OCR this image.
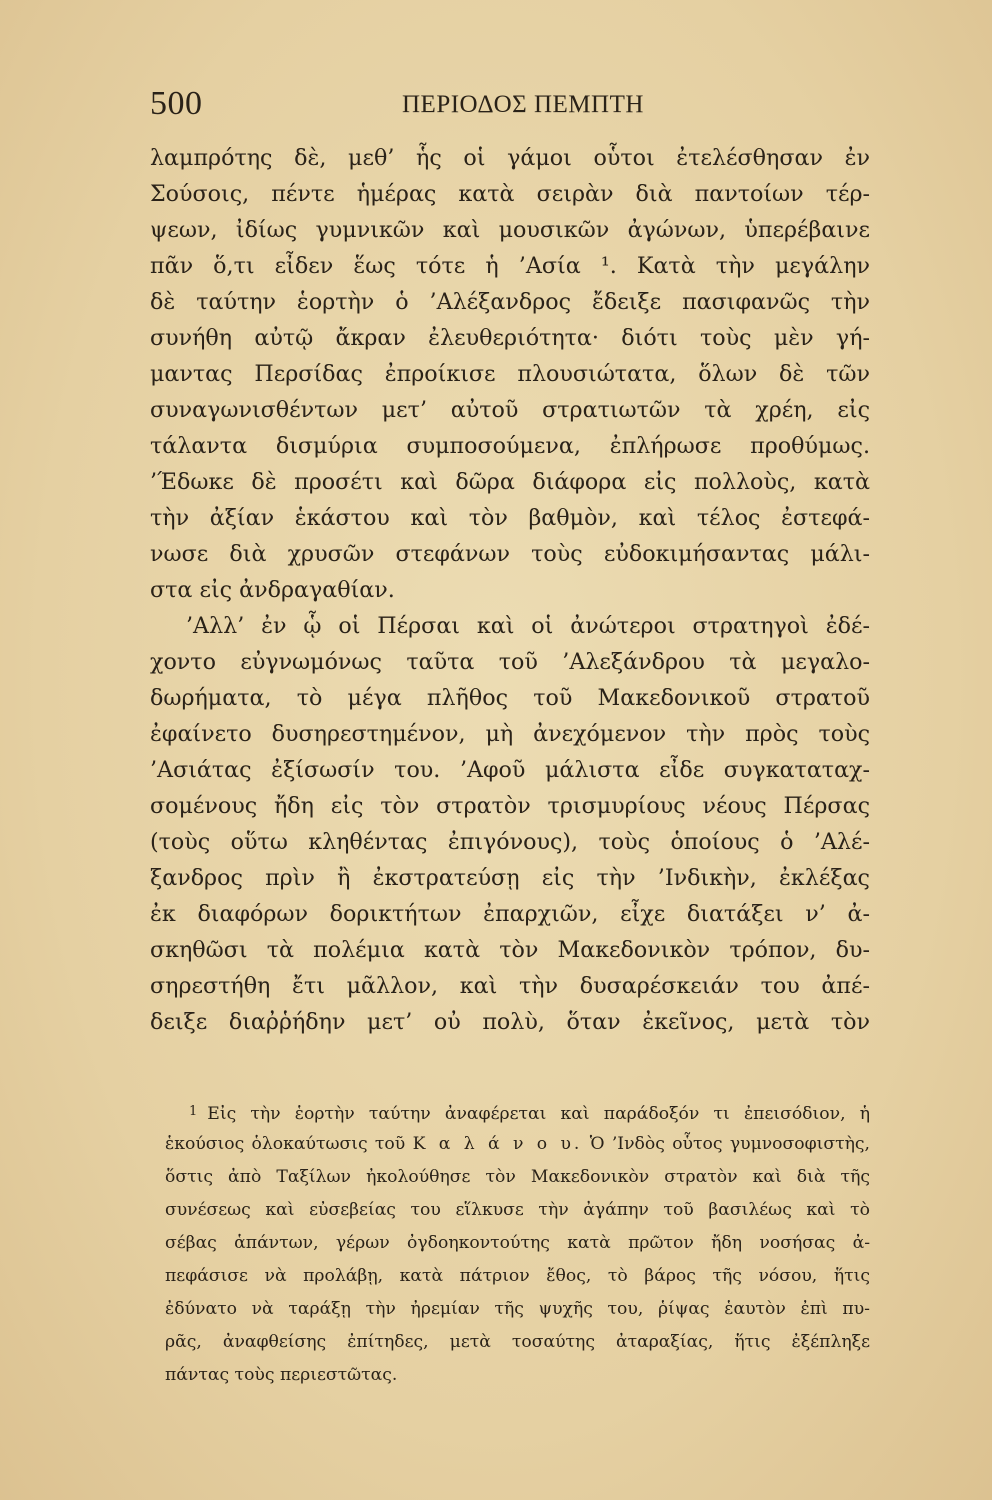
500	ΠΕΡΙΟΔΟΣ ΠΕΜΠΤΗ
λαμπρότης δὲ, μεθ’ ἧς οἱ γάμοι οὗτοι ἐτελέσθησαν ἐν
Σούσοις, πέντε ἡμέρας κατὰ σειρὰν διὰ παντοίων τέρ-
ψεων, ἰδίως γυμνικῶν καὶ μουσικῶν ἀγώνων, ὑπερέβαινε
πᾶν ὅ,τι εἶδεν ἕως τότε ἡ ’Ασία ¹. Κατὰ τὴν μεγάλην
δὲ ταύτην ἑορτὴν ὁ ’Αλέξανδρος ἔδειξε πασιφανῶς τὴν
συνήθη αὐτῷ ἄκραν ἐλευθεριότητα· διότι τοὺς μὲν γή-
μαντας Περσίδας ἐπροίκισε πλουσιώτατα, ὅλων δὲ τῶν
συναγωνισθέντων μετ’ αὐτοῦ στρατιωτῶν τὰ χρέη, εἰς
τάλαντα δισμύρια συμποσούμενα, ἐπλήρωσε προθύμως.
’Έδωκε δὲ προσέτι καὶ δῶρα διάφορα εἰς πολλοὺς, κατὰ
τὴν ἀξίαν ἑκάστου καὶ τὸν βαθμὸν, καὶ τέλος ἐστεφά-
νωσε διὰ χρυσῶν στεφάνων τοὺς εὐδοκιμήσαντας μάλι-
στα εἰς ἀνδραγαθίαν.
’Αλλ’ ἐν ᾧ οἱ Πέρσαι καὶ οἱ ἀνώτεροι στρατηγοὶ ἐδέ-
χοντο εὐγνωμόνως ταῦτα τοῦ ’Αλεξάνδρου τὰ μεγαλο-
δωρήματα, τὸ μέγα πλῆθος τοῦ Μακεδονικοῦ στρατοῦ
ἐφαίνετο δυσηρεστημένον, μὴ ἀνεχόμενον τὴν πρὸς τοὺς
’Ασιάτας ἐξίσωσίν του. ’Αφοῦ μάλιστα εἶδε συγκαταταχ-
σομένους ἤδη εἰς τὸν στρατὸν τρισμυρίους νέους Πέρσας
(τοὺς οὕτω κληθέντας ἐπιγόνους), τοὺς ὁποίους ὁ ’Αλέ-
ξανδρος πρὶν ἢ ἐκστρατεύσῃ εἰς τὴν ’Ινδικὴν, ἐκλέξας
ἐκ διαφόρων δορικτήτων ἐπαρχιῶν, εἶχε διατάξει ν’ ἀ-
σκηθῶσι τὰ πολέμια κατὰ τὸν Μακεδονικὸν τρόπον, δυ-
σηρεστήθη ἔτι μᾶλλον, καὶ τὴν δυσαρέσκειάν του ἀπέ-
δειξε διαῤῥήδην μετ’ οὐ πολὺ, ὅταν ἐκεῖνος, μετὰ τὸν
$^1$ Εἰς τὴν ἑορτὴν ταύτην ἀναφέρεται καὶ παράδοξόν τι ἐπεισόδιον, ἡ
ἑκούσιος ὁλοκαύτωσις τοῦ Κ α λ ά ν ο υ. Ὁ ’Ινδὸς οὗτος γυμνοσοφιστὴς,
ὅστις ἀπὸ Ταξίλων ἠκολούθησε τὸν Μακεδονικὸν στρατὸν καὶ διὰ τῆς
συνέσεως καὶ εὐσεβείας του εἵλκυσε τὴν ἀγάπην τοῦ βασιλέως καὶ τὸ
σέβας ἁπάντων, γέρων ὀγδοηκοντούτης κατὰ πρῶτον ἤδη νοσήσας ἀ-
πεφάσισε νὰ προλάβῃ, κατὰ πάτριον ἔθος, τὸ βάρος τῆς νόσου, ἥτις
ἐδύνατο νὰ ταράξῃ τὴν ἠρεμίαν τῆς ψυχῆς του, ῥίψας ἑαυτὸν ἐπὶ πυ-
ρᾶς, ἀναφθείσης ἐπίτηδες, μετὰ τοσαύτης ἀταραξίας, ἥτις ἐξέπληξε
πάντας τοὺς περιεστῶτας.
